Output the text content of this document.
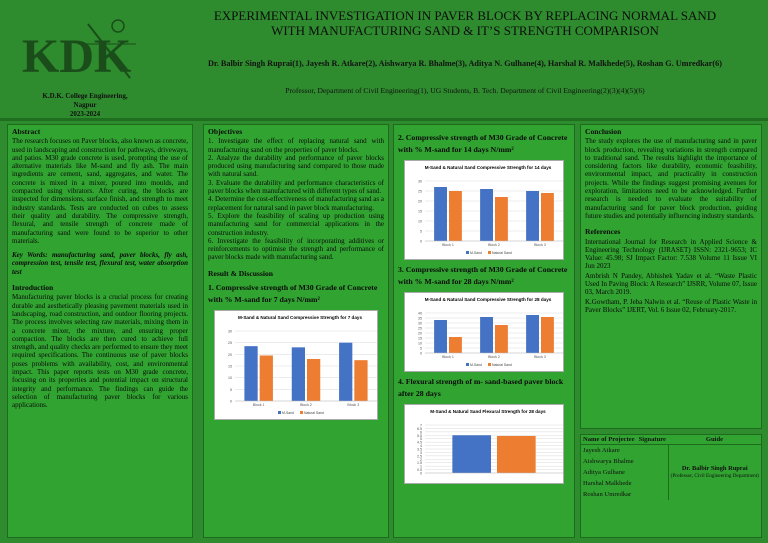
KDK
K.D.K. College Engineering,
Nagpur
2023-2024
EXPERIMENTAL INVESTIGATION IN PAVER BLOCK BY REPLACING NORMAL SAND
WITH MANUFACTURING SAND & IT’S STRENGTH COMPARISON
Dr. Balbir Singh Ruprai(1), Jayesh R. Atkare(2), Aishwarya R. Bhalme(3), Aditya N. Gulhane(4), Harshal R. Malkhede(5), Roshan G. Umredkar(6)
Professor, Department of Civil Engineering(1), UG Students, B. Tech. Department of Civil Engineering(2)(3)(4)(5)(6)
Abstract

The research focuses on Paver blocks, also known as concrete, used in landscaping and construction for pathways, driveways, and patios. M30 grade concrete is used, prompting the use of alternative materials like M-sand and fly ash. The main ingredients are cement, sand, aggregates, and water. The concrete is mixed in a mixer, poured into moulds, and compacted using vibrators. After curing, the blocks are inspected for dimensions, surface finish, and strength to meet industry standards. Tests are conducted on cubes to assess their quality and durability. The compressive strength, flexural, and tensile strength of concrete made of manufacturing sand were found to be superior to other materials.

Key Words: manufacturing sand, paver blocks, fly ash, compression test, tensile test, flexural test, water absorption test

Introduction

Manufacturing paver blocks is a crucial process for creating durable and aesthetically pleasing pavement materials used in landscaping, road construction, and outdoor flooring projects. The process involves selecting raw materials, mixing them in a concrete mixer, the mixture, and ensuring proper compaction. The blocks are then cured to achieve full strength, and quality checks are performed to ensure they meet required specifications. The continuous use of paver blocks poses problems with availability, cost, and environmental impact. This paper reports tests on M30 grade concrete, focusing on its properties and potential impact on structural integrity and performance. The findings can guide the selection of manufacturing paver blocks for various applications.

Objectives

1. Investigate the effect of replacing natural sand with manufacturing sand on the properties of paver blocks.

2. Analyze the durability and performance of paver blocks produced using manufacturing sand compared to those made with natural sand.

3. Evaluate the durability and performance characteristics of paver blocks when manufactured with different types of sand.

4. Determine the cost-effectiveness of manufacturing sand as a replacement for natural sand in paver block manufacturing.

5. Explore the feasibility of scaling up production using manufacturing sand for commercial applications in the construction industry.

6. Investigate the feasibility of incorporating additives or reinforcements to optimise the strength and performance of paver blocks made with manufacturing sand.

Result & Discussion
1. Compressive strength of M30 Grade of Concrete with % M-sand for 7 days N/mm²
M-Sand & Natural Sand Compressive Strength for 7 days
0
5
10
15
20
25
30
Block 1	Block 2	Block 3
M-Sand	Natural Sand
2. Compressive strength of M30 Grade of Concrete with % M-sand for 14 days N/mm²
M-Sand & Natural Sand Compressive Strength for 14 days
0
5
10
15
20
25
30
Block 1	Block 2	Block 3
M-Sand	Natural Sand
3. Compressive strength of M30 Grade of Concrete with % M-sand for 28 days N/mm²
M-Sand & Natural Sand Compressive Strength for 28 days
0
5
10
15
20
25
30
35
40
Block 1	Block 2	Block 3
M-Sand	Natural Sand
4. Flexural strength of m- sand-based paver block after 28 days
M-Sand & Natural Sand Flexural Strength for 28 days
0
0.5
1
1.5
2
2.5
3
3.5
4
4.5
5
5.5
6
6.5
7
Conclusion

The study explores the use of manufacturing sand in paver block production, revealing variations in strength compared to traditional sand. The results highlight the importance of considering factors like durability, economic feasibility, environmental impact, and practicality in construction projects. While the findings suggest promising avenues for exploration, limitations need to be acknowledged. Further research is needed to evaluate the suitability of manufacturing sand for paver block production, guiding future studies and potentially influencing industry standards.

References

International Journal for Research in Applied Science & Engineering Technology (IJRASET) ISSN: 2321-9653; IC Value: 45.98; SJ Impact Factor: 7.538 Volume 11 Issue VI Jun 2023

Ambrish N Pandey, Abhishek Yadav et al. “Waste Plastic Used In Paving Block: A Research” IJSRR, Volume 07, Issue 03, March 2019.

K.Gowtham, P. Jeba Nalwin et al. “Reuse of Plastic Waste in Paver Blocks” IJERT, Vol. 6 Issue 02, February-2017.

Name of Projectee	Signature	Guide
Jayesh Atkare		Dr. Balbir Singh Ruprai
(Professor, Civil Engineering Department)

Aishwarya Bhalme		
Aditya Gulhane		
Harshal Malkhede		
Roshan Umredkar		
